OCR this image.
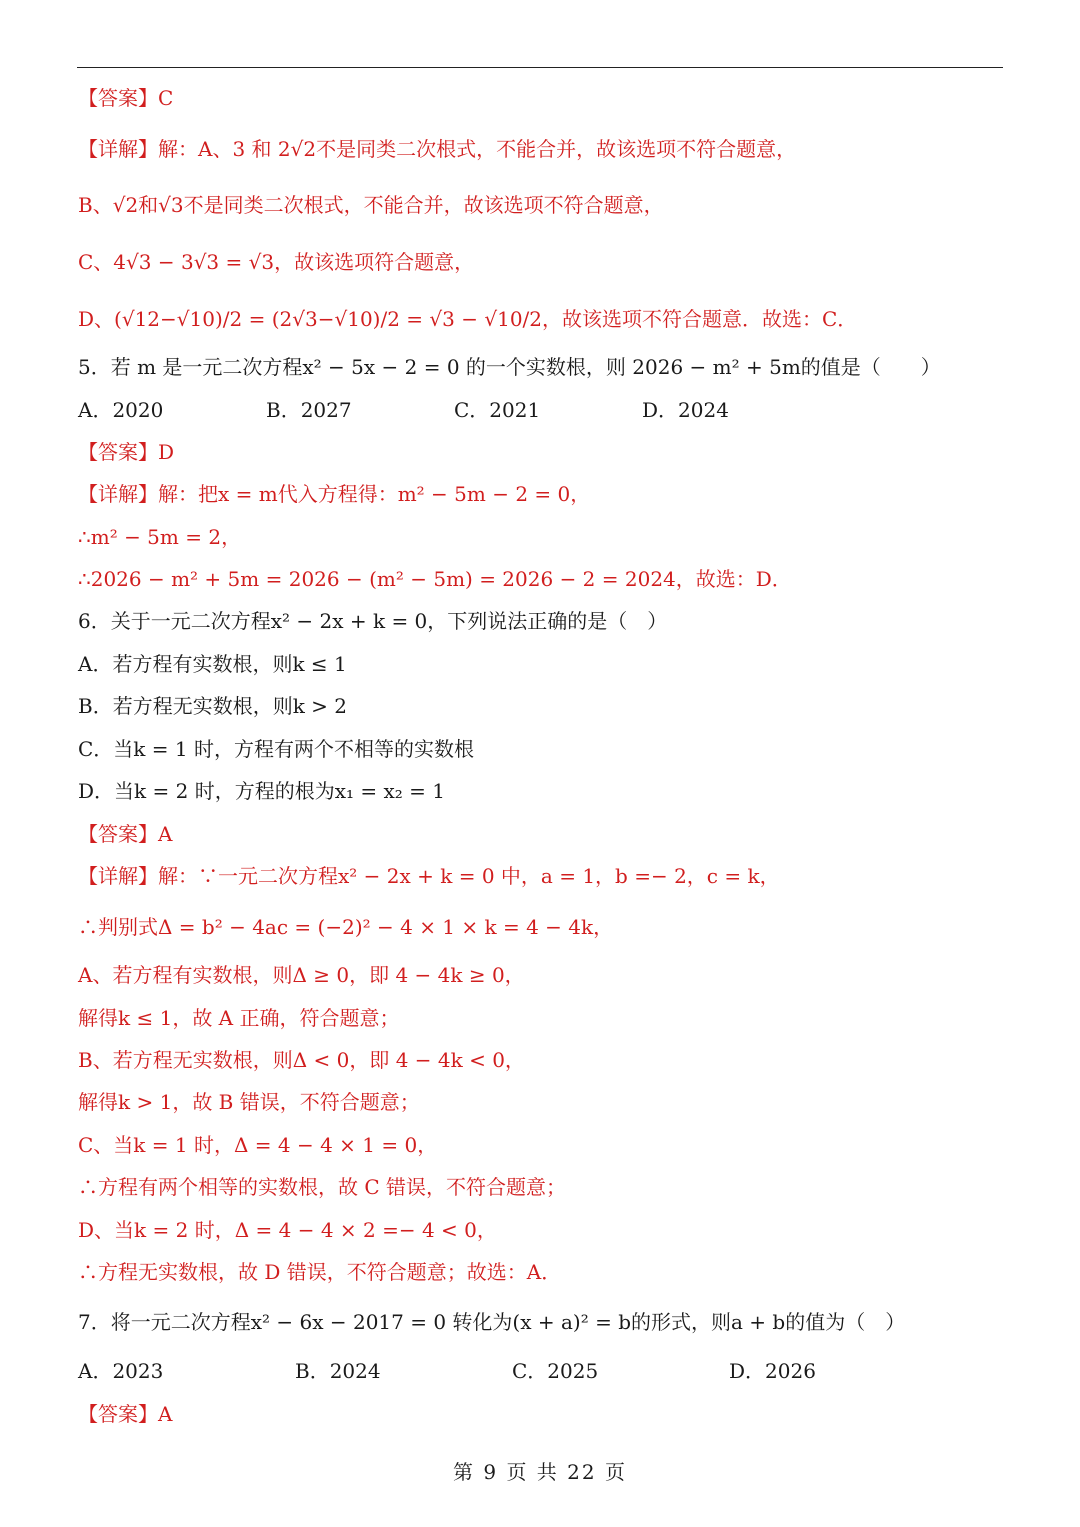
【答案】C
【详解】解：A、3 和 2√2不是同类二次根式，不能合并，故该选项不符合题意，
B、√2和√3不是同类二次根式，不能合并，故该选项不符合题意，
C、4√3 − 3√3 = √3，故该选项符合题意，
D、(√12−√10)/2 = (2√3−√10)/2 = √3 − √10/2，故该选项不符合题意．故选：C．
5．若 m 是一元二次方程x² − 5x − 2 = 0 的一个实数根，则 2026 − m² + 5m的值是（　　）
A．2020	B．2027	C．2021	D．2024
【答案】D
【详解】解：把x = m代入方程得：m² − 5m − 2 = 0，
∴m² − 5m = 2，
∴2026 − m² + 5m = 2026 − (m² − 5m) = 2026 − 2 = 2024，故选：D．
6．关于一元二次方程x² − 2x + k = 0，下列说法正确的是（　）
A．若方程有实数根，则k ≤ 1
B．若方程无实数根，则k > 2
C．当k = 1 时，方程有两个不相等的实数根
D．当k = 2 时，方程的根为x₁ = x₂ = 1
【答案】A
【详解】解：∵一元二次方程x² − 2x + k = 0 中，a = 1，b =− 2，c = k，
∴判别式Δ = b² − 4ac = (−2)² − 4 × 1 × k = 4 − 4k，
A、若方程有实数根，则Δ ≥ 0，即 4 − 4k ≥ 0，
解得k ≤ 1，故 A 正确，符合题意；
B、若方程无实数根，则Δ < 0，即 4 − 4k < 0，
解得k > 1，故 B 错误，不符合题意；
C、当k = 1 时，Δ = 4 − 4 × 1 = 0，
∴方程有两个相等的实数根，故 C 错误，不符合题意；
D、当k = 2 时，Δ = 4 − 4 × 2 =− 4 < 0，
∴方程无实数根，故 D 错误，不符合题意；故选：A．
7．将一元二次方程x² − 6x − 2017 = 0 转化为(x + a)² = b的形式，则a + b的值为（　）
A．2023	B．2024	C．2025	D．2026
【答案】A
第 9 页 共 22 页
